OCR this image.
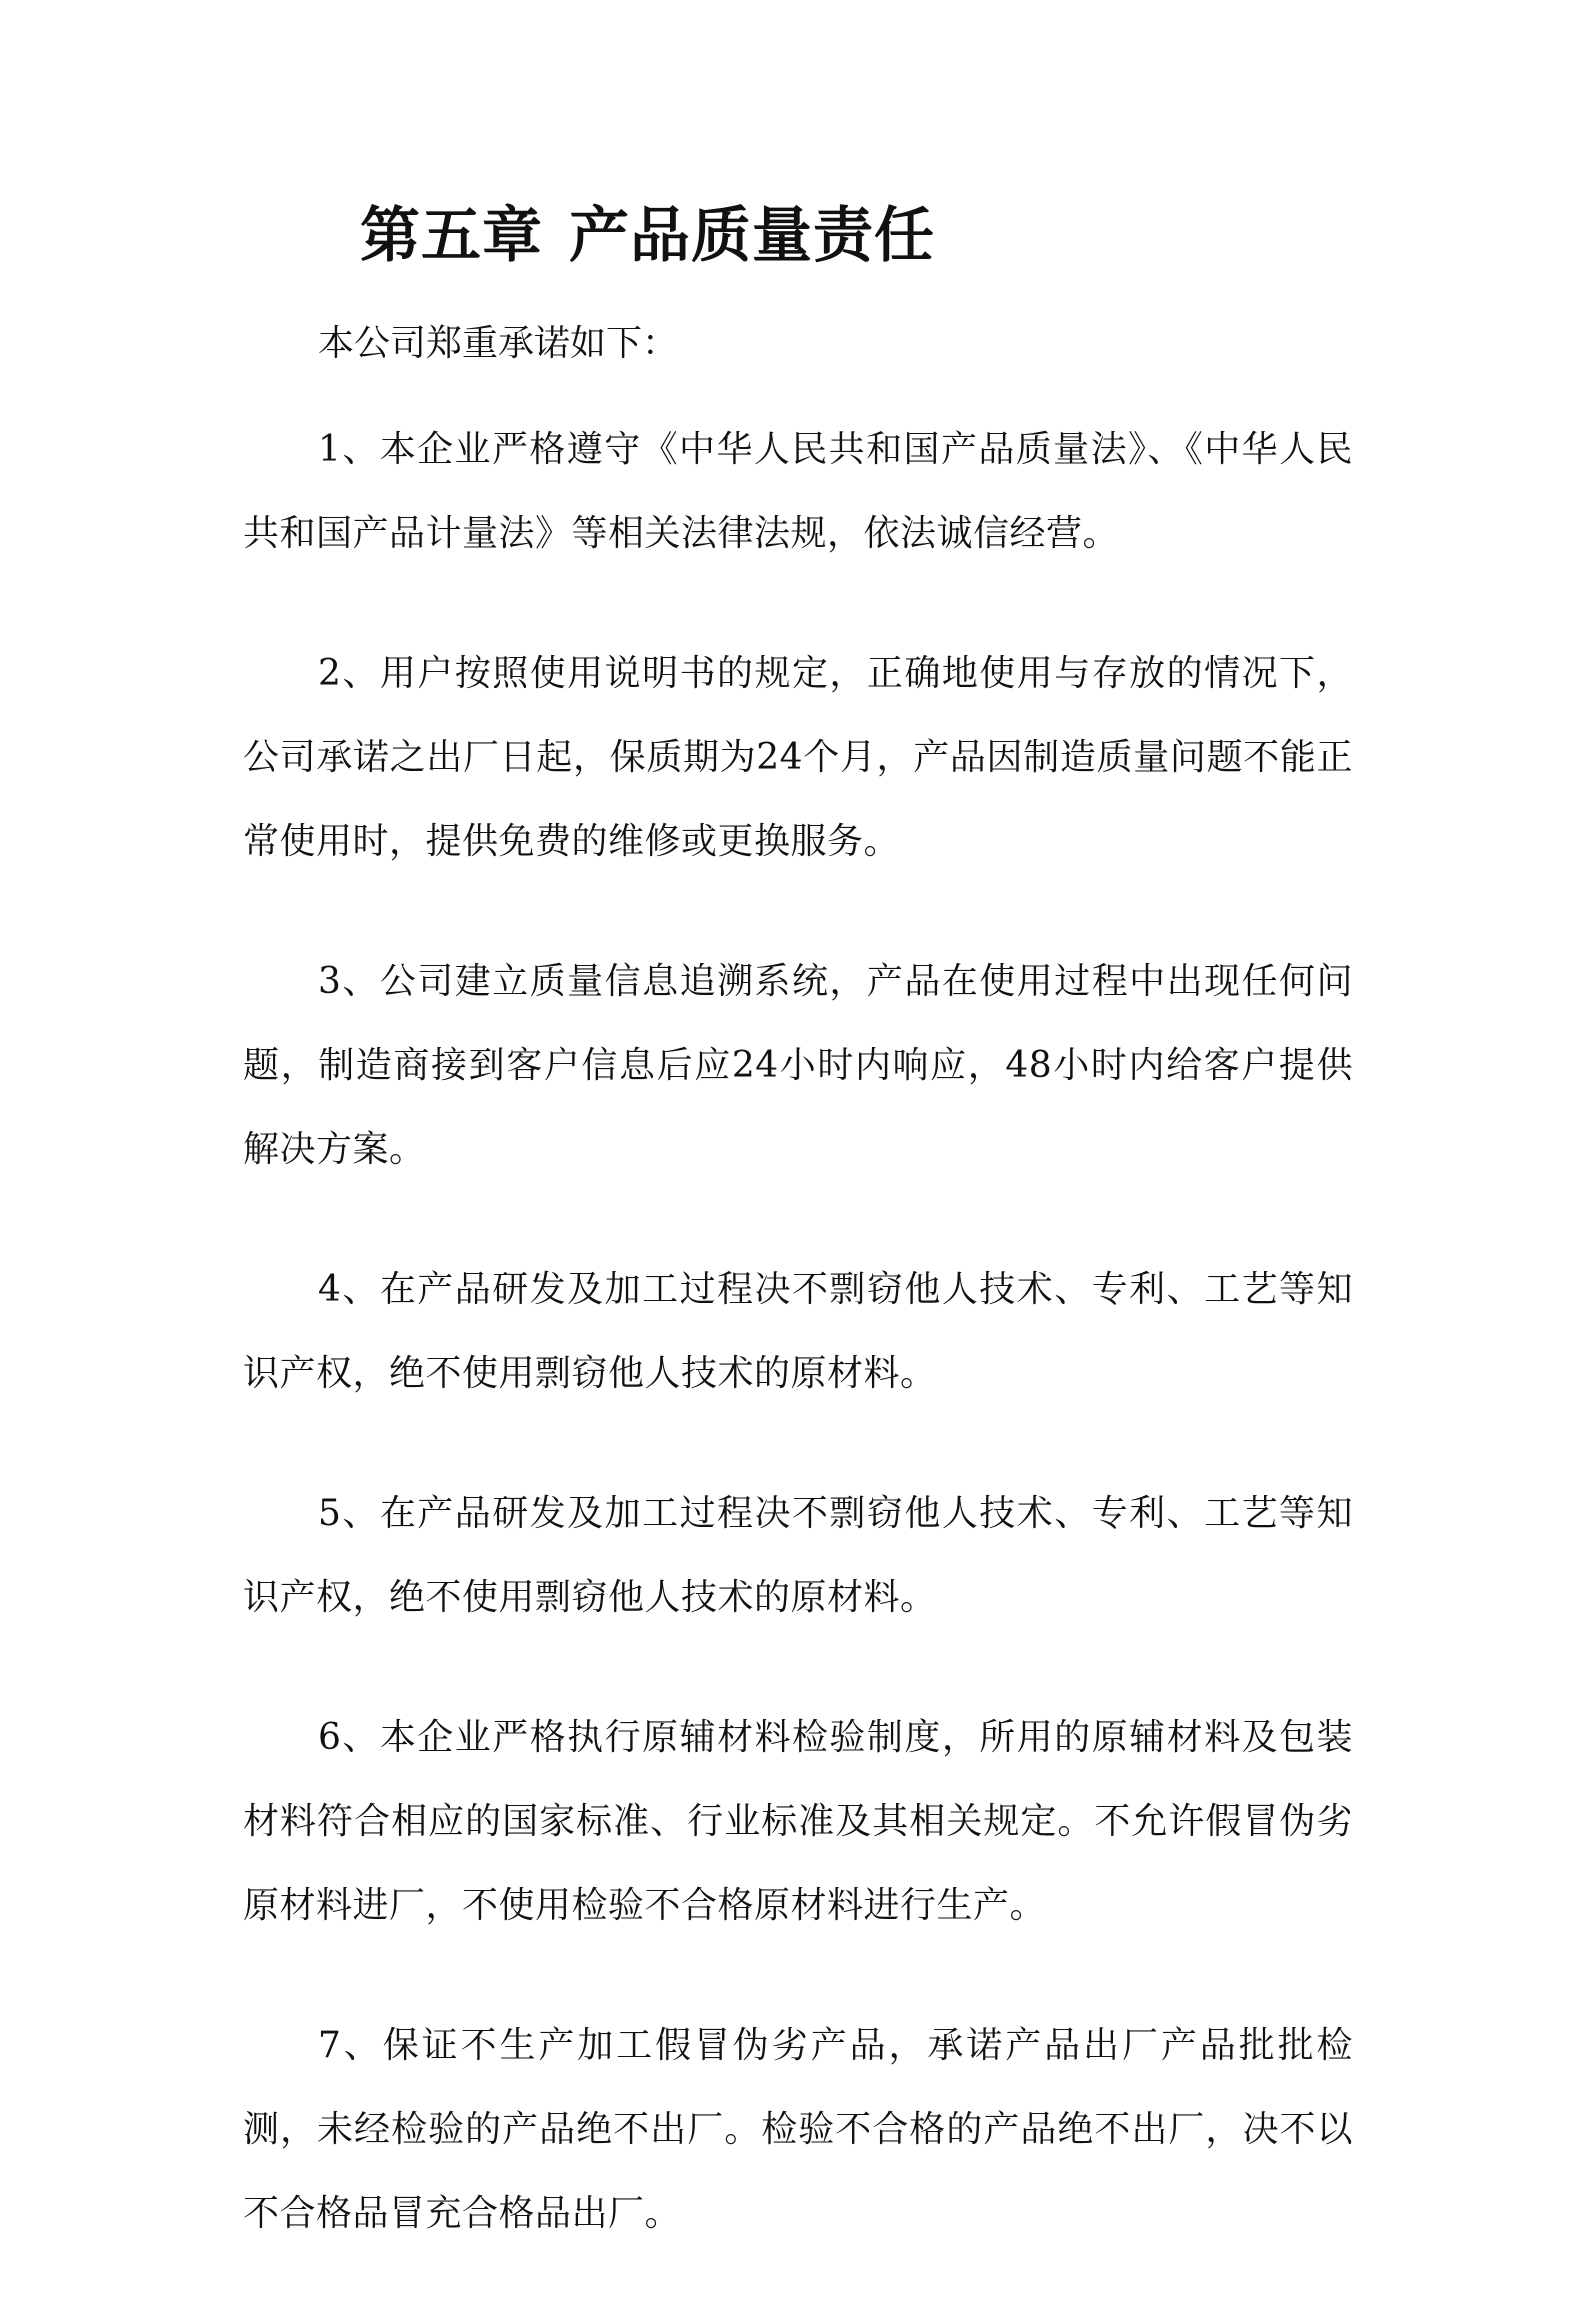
第五章 产品质量责任

本公司郑重承诺如下：

1、本企业严格遵守《中华人民共和国产品质量法》、《中华人民共和国产品计量法》等相关法律法规，依法诚信经营。
2、用户按照使用说明书的规定，正确地使用与存放的情况下，公司承诺之出厂日起，保质期为24个月，产品因制造质量问题不能正常使用时，提供免费的维修或更换服务。
3、公司建立质量信息追溯系统，产品在使用过程中出现任何问题，制造商接到客户信息后应24小时内响应，48小时内给客户提供解决方案。
4、在产品研发及加工过程决不剽窃他人技术、专利、工艺等知识产权，绝不使用剽窃他人技术的原材料。
5、在产品研发及加工过程决不剽窃他人技术、专利、工艺等知识产权，绝不使用剽窃他人技术的原材料。
6、本企业严格执行原辅材料检验制度，所用的原辅材料及包装材料符合相应的国家标准、行业标准及其相关规定。不允许假冒伪劣原材料进厂，不使用检验不合格原材料进行生产。
7、保证不生产加工假冒伪劣产品，承诺产品出厂产品批批检测，未经检验的产品绝不出厂。检验不合格的产品绝不出厂，决不以不合格品冒充合格品出厂。
